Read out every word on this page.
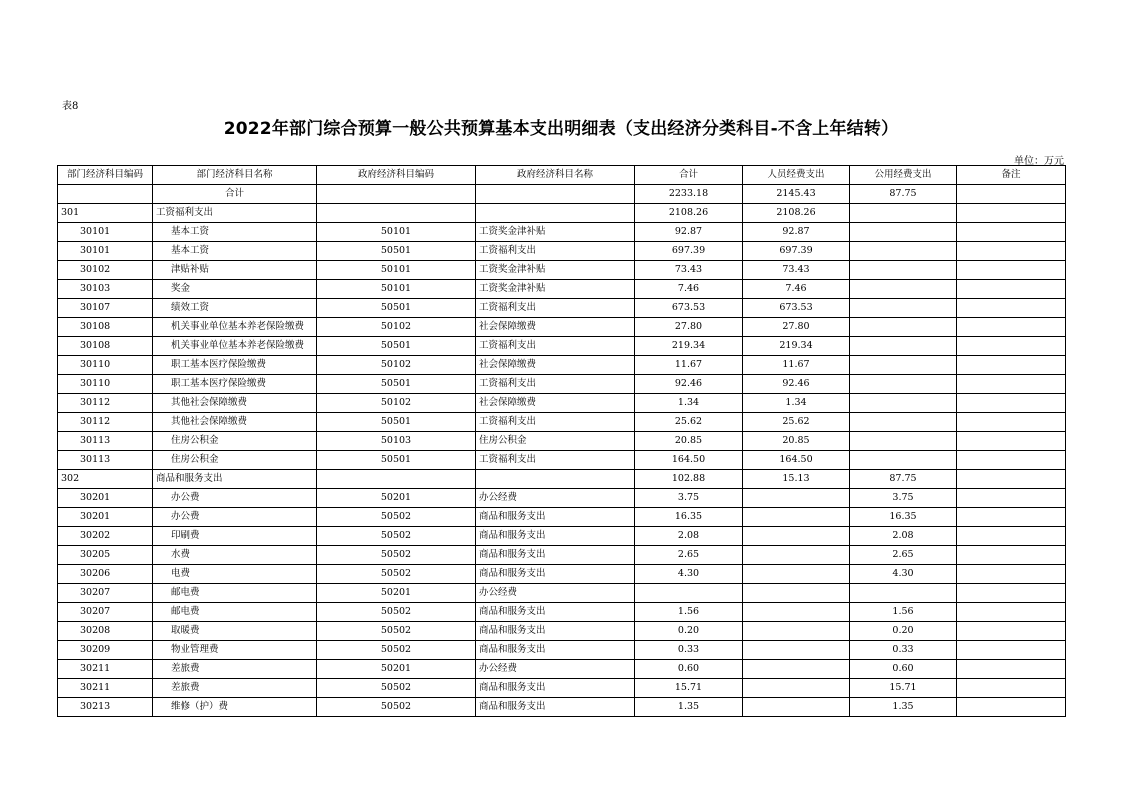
表8
2022年部门综合预算一般公共预算基本支出明细表（支出经济分类科目-不含上年结转）
单位：万元
部门经济科目编码	部门经济科目名称	政府经济科目编码	政府经济科目名称	合计	人员经费支出	公用经费支出	备注
	合计			2233.18	2145.43	87.75	
301	工资福利支出			2108.26	2108.26		
30101	基本工资	50101	工资奖金津补贴	92.87	92.87		
30101	基本工资	50501	工资福利支出	697.39	697.39		
30102	津贴补贴	50101	工资奖金津补贴	73.43	73.43		
30103	奖金	50101	工资奖金津补贴	7.46	7.46		
30107	绩效工资	50501	工资福利支出	673.53	673.53		
30108	机关事业单位基本养老保险缴费	50102	社会保障缴费	27.80	27.80		
30108	机关事业单位基本养老保险缴费	50501	工资福利支出	219.34	219.34		
30110	职工基本医疗保险缴费	50102	社会保障缴费	11.67	11.67		
30110	职工基本医疗保险缴费	50501	工资福利支出	92.46	92.46		
30112	其他社会保障缴费	50102	社会保障缴费	1.34	1.34		
30112	其他社会保障缴费	50501	工资福利支出	25.62	25.62		
30113	住房公积金	50103	住房公积金	20.85	20.85		
30113	住房公积金	50501	工资福利支出	164.50	164.50		
302	商品和服务支出			102.88	15.13	87.75	
30201	办公费	50201	办公经费	3.75		3.75	
30201	办公费	50502	商品和服务支出	16.35		16.35	
30202	印刷费	50502	商品和服务支出	2.08		2.08	
30205	水费	50502	商品和服务支出	2.65		2.65	
30206	电费	50502	商品和服务支出	4.30		4.30	
30207	邮电费	50201	办公经费				
30207	邮电费	50502	商品和服务支出	1.56		1.56	
30208	取暖费	50502	商品和服务支出	0.20		0.20	
30209	物业管理费	50502	商品和服务支出	0.33		0.33	
30211	差旅费	50201	办公经费	0.60		0.60	
30211	差旅费	50502	商品和服务支出	15.71		15.71	
30213	维修（护）费	50502	商品和服务支出	1.35		1.35	
